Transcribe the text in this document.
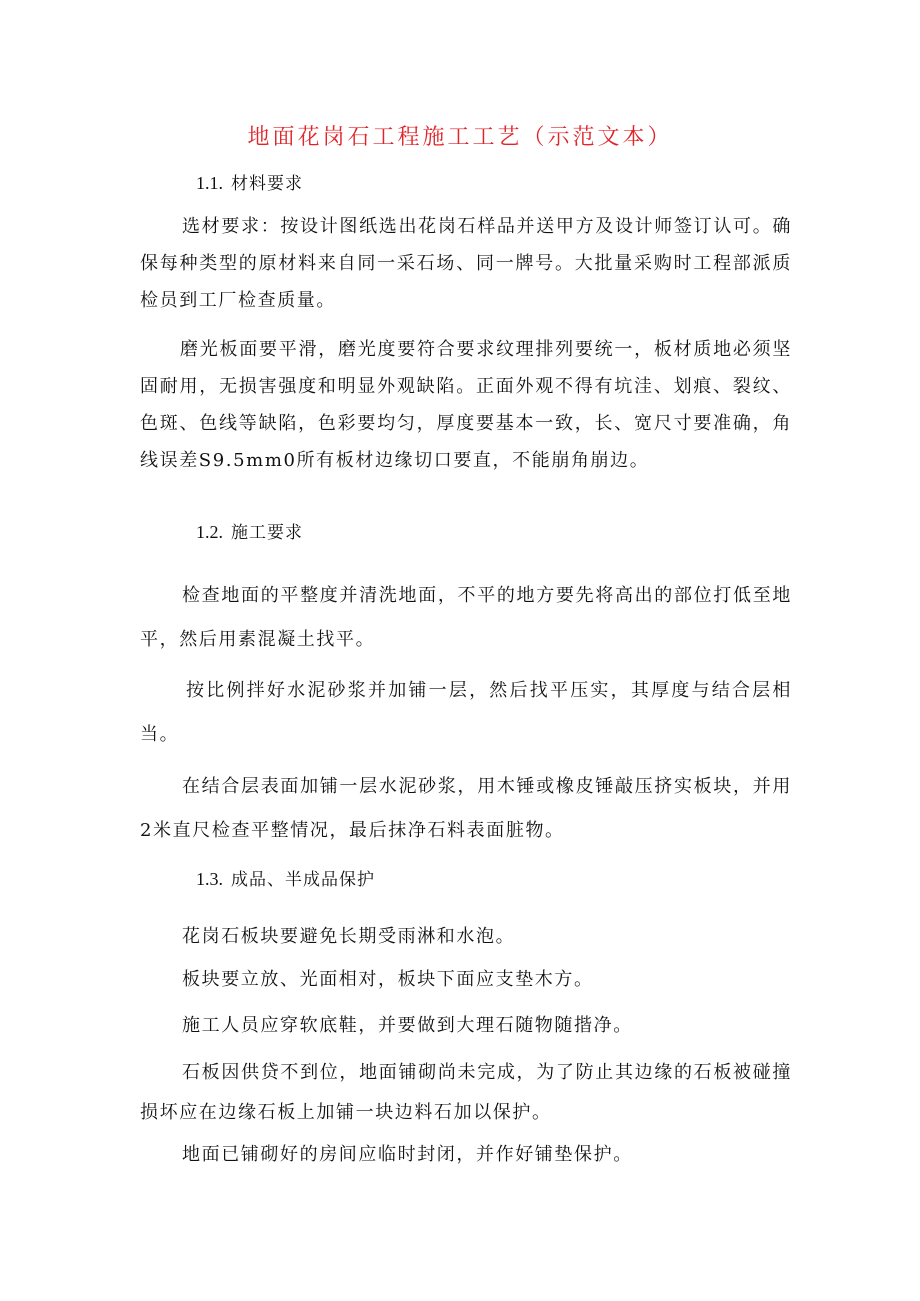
地面花岗石工程施工工艺（示范文本）
1.1. 材料要求
选材要求：按设计图纸选出花岗石样品并送甲方及设计师签订认可。确保每种类型的原材料来自同一采石场、同一牌号。大批量采购时工程部派质检员到工厂检查质量。
磨光板面要平滑，磨光度要符合要求纹理排列要统一，板材质地必须坚固耐用，无损害强度和明显外观缺陷。正面外观不得有坑洼、划痕、裂纹、色斑、色线等缺陷，色彩要均匀，厚度要基本一致，长、宽尺寸要准确，角线误差S9.5mm0所有板材边缘切口要直，不能崩角崩边。
1.2. 施工要求
检查地面的平整度并清洗地面，不平的地方要先将高出的部位打低至地平，然后用素混凝土找平。
按比例拌好水泥砂浆并加铺一层，然后找平压实，其厚度与结合层相当。
在结合层表面加铺一层水泥砂浆，用木锤或橡皮锤敲压挤实板块，并用2米直尺检查平整情况，最后抹净石料表面脏物。
1.3. 成品、半成品保护
花岗石板块要避免长期受雨淋和水泡。
板块要立放、光面相对，板块下面应支垫木方。
施工人员应穿软底鞋，并要做到大理石随物随揩净。
石板因供贷不到位，地面铺砌尚未完成，为了防止其边缘的石板被碰撞损坏应在边缘石板上加铺一块边料石加以保护。
地面已铺砌好的房间应临时封闭，并作好铺垫保护。
